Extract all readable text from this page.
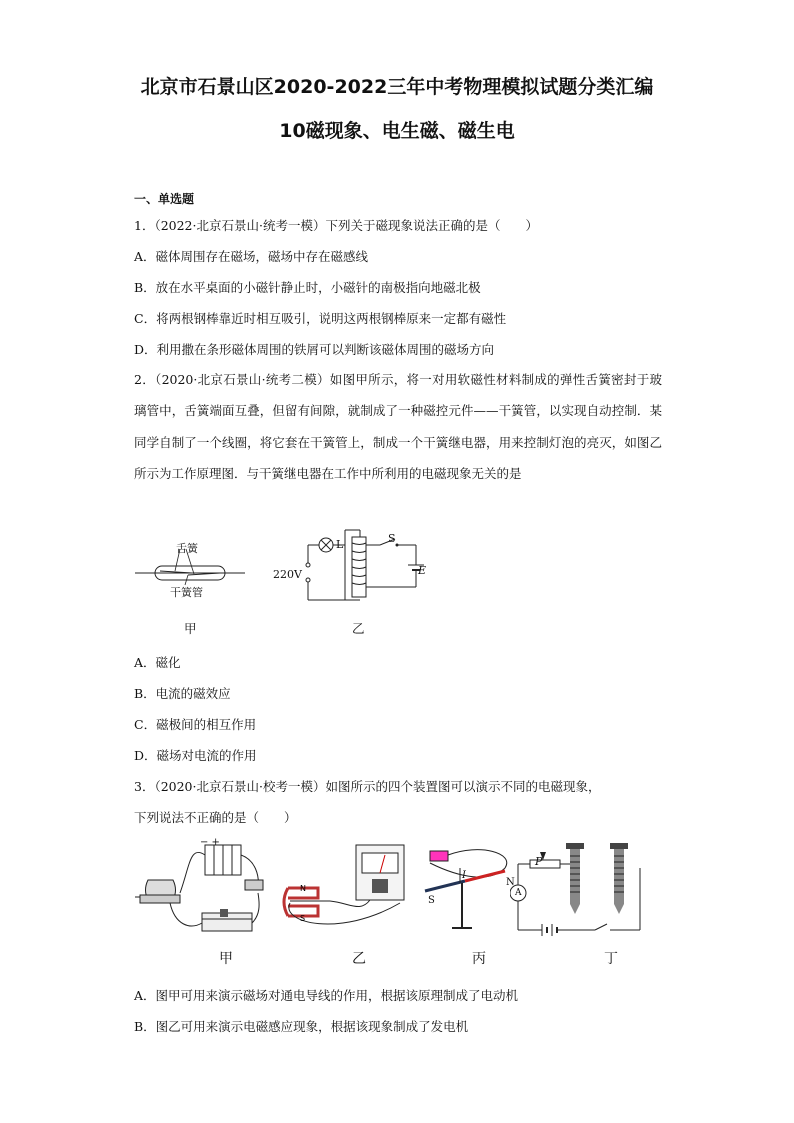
北京市石景山区2020-2022三年中考物理模拟试题分类汇编
10磁现象、电生磁、磁生电
一、单选题
1．（2022·北京石景山·统考一模）下列关于磁现象说法正确的是（　　）
A．磁体周围存在磁场，磁场中存在磁感线
B．放在水平桌面的小磁针静止时，小磁针的南极指向地磁北极
C．将两根钢棒靠近时相互吸引，说明这两根钢棒原来一定都有磁性
D．利用撒在条形磁体周围的铁屑可以判断该磁体周围的磁场方向
2．（2020·北京石景山·统考二模）如图甲所示，将一对用软磁性材料制成的弹性舌簧密封于玻璃管中，舌簧端面互叠，但留有间隙，就制成了一种磁控元件——干簧管，以实现自动控制．某同学自制了一个线圈，将它套在干簧管上，制成一个干簧继电器，用来控制灯泡的亮灭，如图乙所示为工作原理图．与干簧继电器在工作中所利用的电磁现象无关的是
舌簧
干簧管
L	S
220V	E
甲	乙
A．磁化
B．电流的磁效应
C．磁极间的相互作用
D．磁场对电流的作用
3．（2020·北京石景山·校考一模）如图所示的四个装置图可以演示不同的电磁现象，
下列说法不正确的是（　　）
− +
N
S
S
N
I
P
A
甲	乙	丙	丁
A．图甲可用来演示磁场对通电导线的作用，根据该原理制成了电动机
B．图乙可用来演示电磁感应现象，根据该现象制成了发电机
